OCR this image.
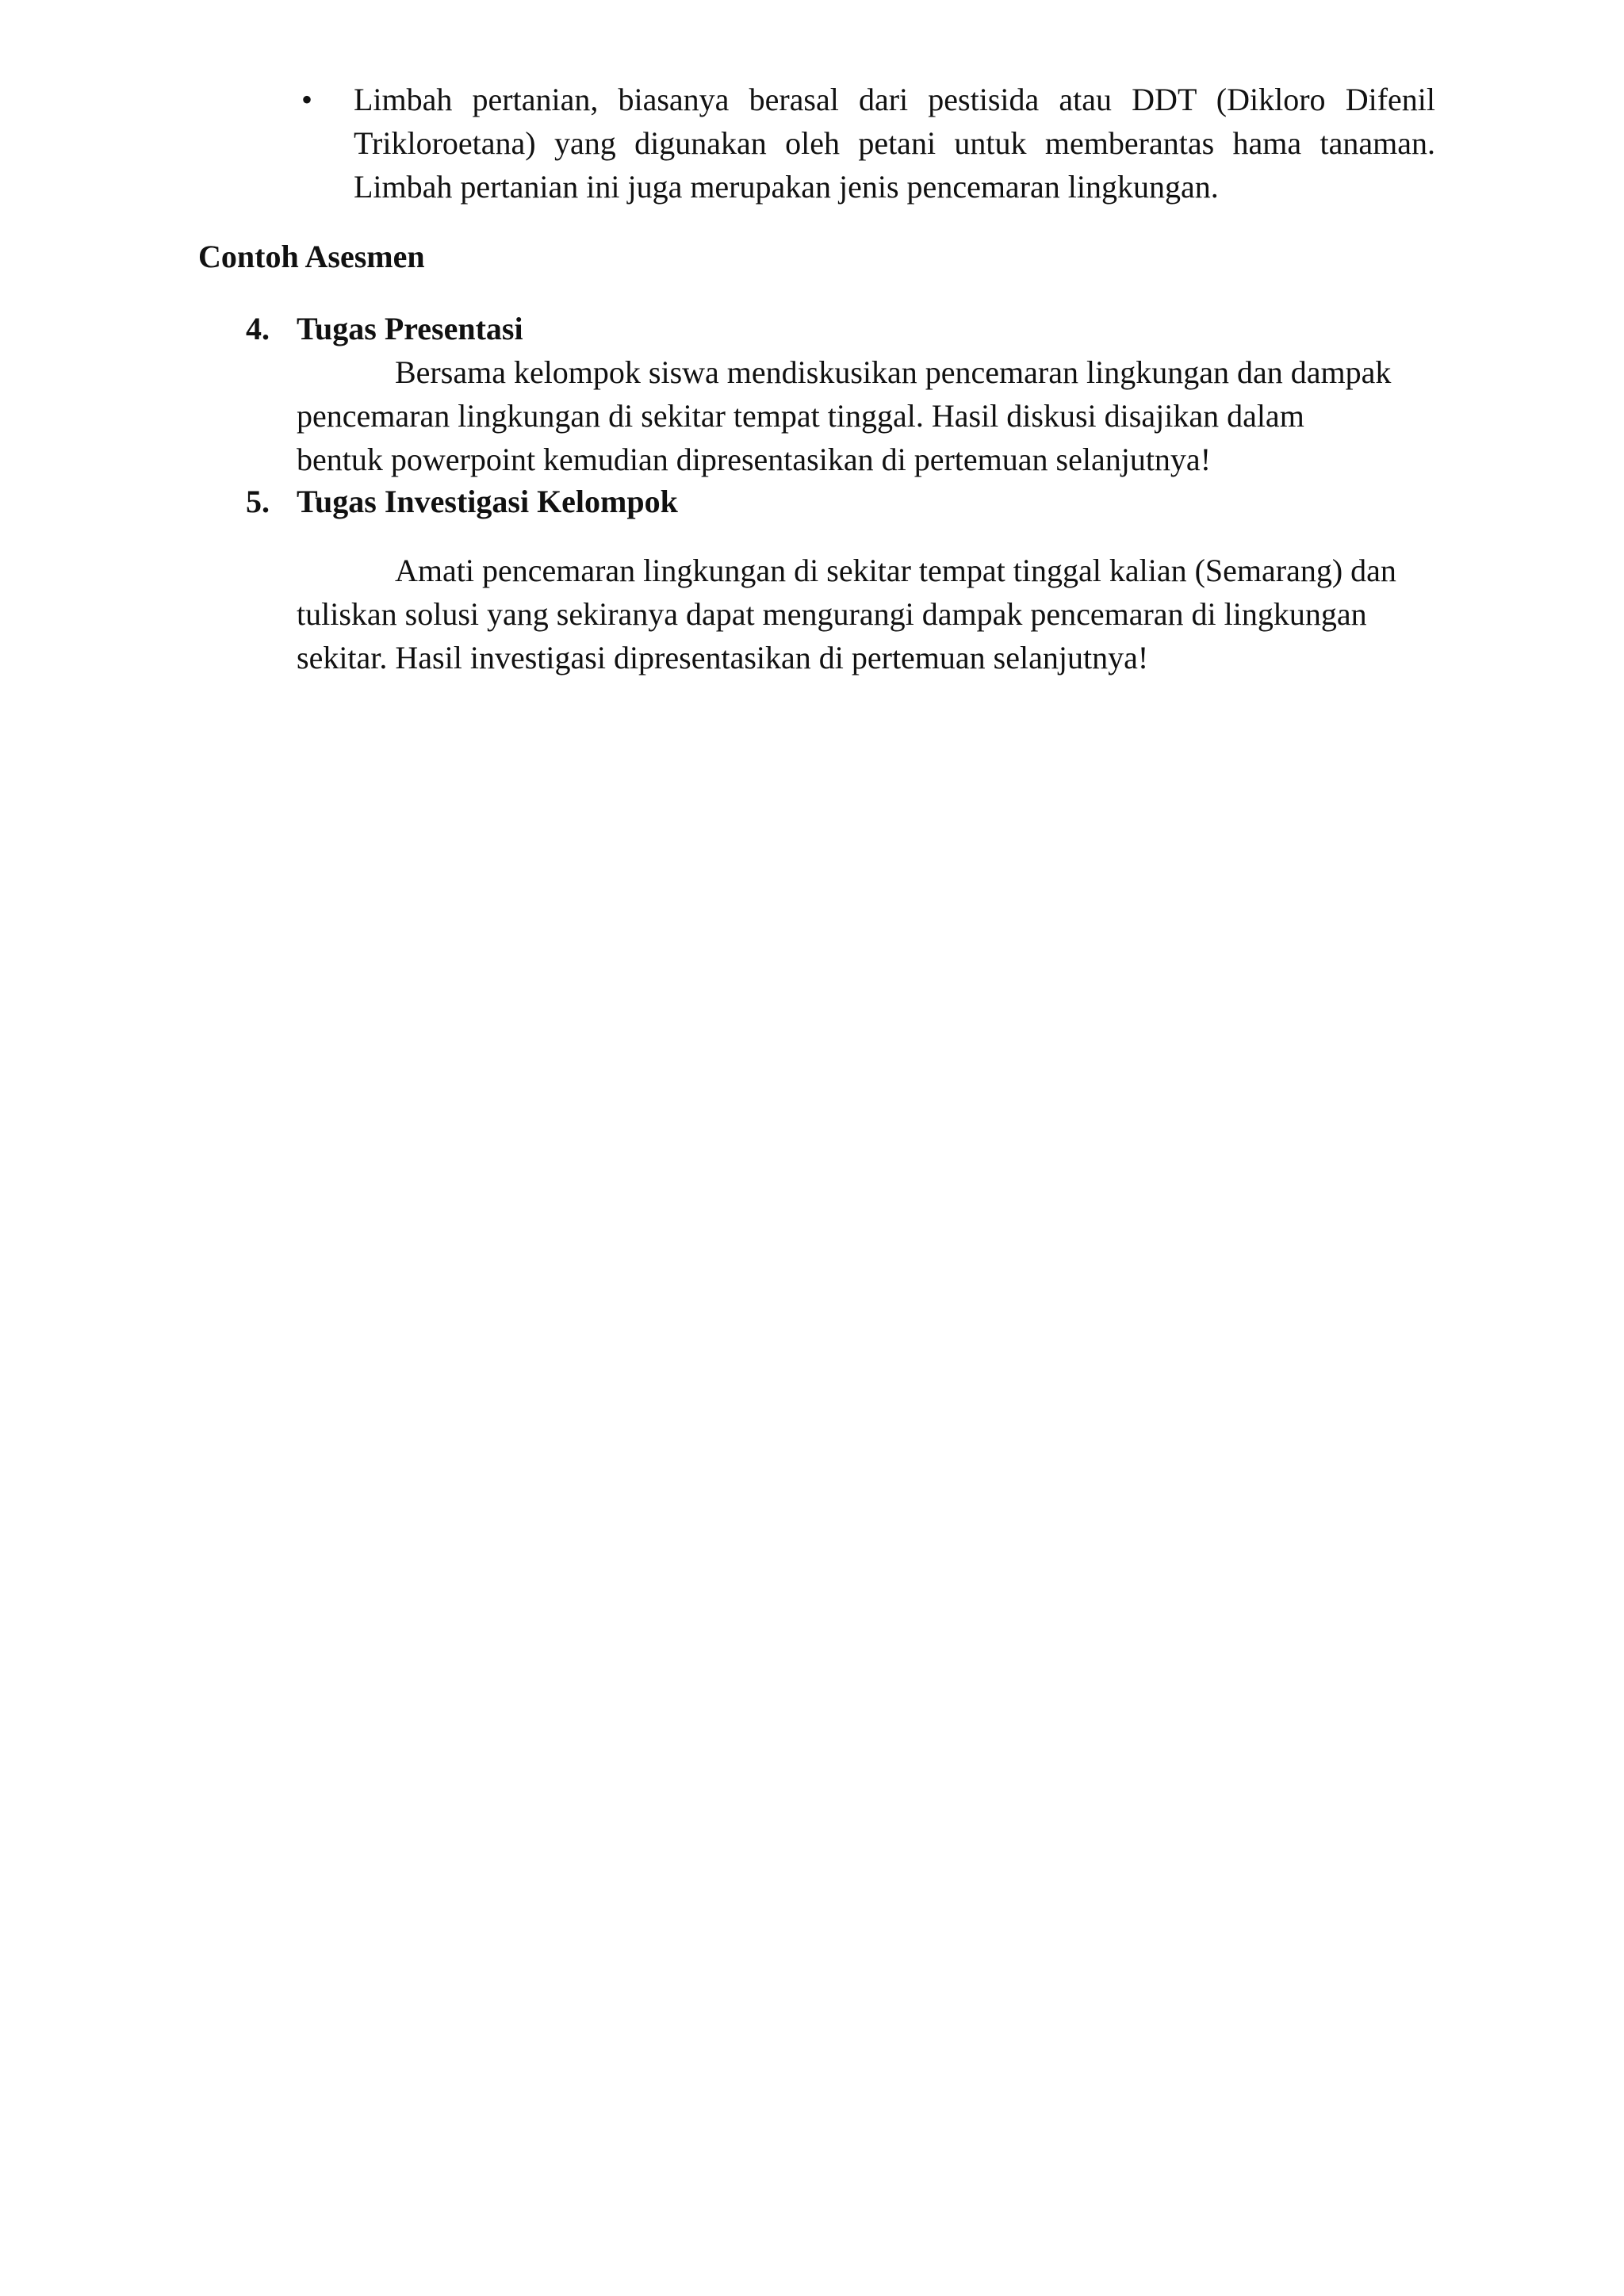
•	Limbah pertanian, biasanya berasal dari pestisida atau DDT (Dikloro Difenil
Trikloroetana) yang digunakan oleh petani untuk memberantas hama tanaman.
Limbah pertanian ini juga merupakan jenis pencemaran lingkungan.
Contoh Asesmen
4. Tugas Presentasi
Bersama kelompok siswa mendiskusikan pencemaran lingkungan dan dampak
pencemaran lingkungan di sekitar tempat tinggal. Hasil diskusi disajikan dalam
bentuk powerpoint kemudian dipresentasikan di pertemuan selanjutnya!
5. Tugas Investigasi Kelompok
Amati pencemaran lingkungan di sekitar tempat tinggal kalian (Semarang) dan
tuliskan solusi yang sekiranya dapat mengurangi dampak pencemaran di lingkungan
sekitar. Hasil investigasi dipresentasikan di pertemuan selanjutnya!
